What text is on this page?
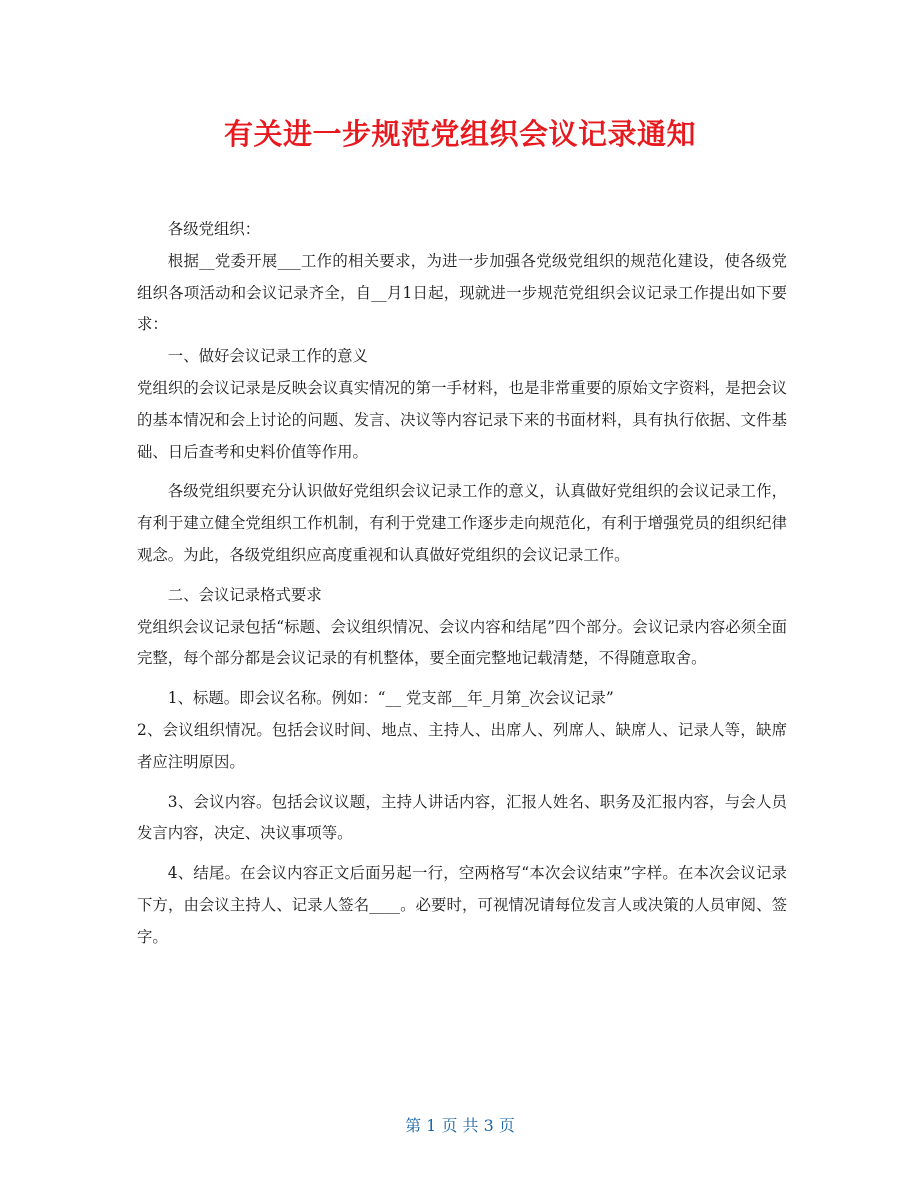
有关进一步规范党组织会议记录通知

各级党组织：

根据__党委开展___工作的相关要求，为进一步加强各党级党组织的规范化建设，使各级党组织各项活动和会议记录齐全，自__月1日起，现就进一步规范党组织会议记录工作提出如下要求：

一、做好会议记录工作的意义

党组织的会议记录是反映会议真实情况的第一手材料，也是非常重要的原始文字资料，是把会议的基本情况和会上讨论的问题、发言、决议等内容记录下来的书面材料，具有执行依据、文件基础、日后查考和史料价值等作用。

各级党组织要充分认识做好党组织会议记录工作的意义，认真做好党组织的会议记录工作，有利于建立健全党组织工作机制，有利于党建工作逐步走向规范化，有利于增强党员的组织纪律观念。为此，各级党组织应高度重视和认真做好党组织的会议记录工作。

二、会议记录格式要求

党组织会议记录包括“标题、会议组织情况、会议内容和结尾”四个部分。会议记录内容必须全面完整，每个部分都是会议记录的有机整体，要全面完整地记载清楚，不得随意取舍。

1、标题。即会议名称。例如：“__ 党支部__年_月第_次会议记录”

2、会议组织情况。包括会议时间、地点、主持人、出席人、列席人、缺席人、记录人等，缺席者应注明原因。

3、会议内容。包括会议议题，主持人讲话内容，汇报人姓名、职务及汇报内容，与会人员发言内容，决定、决议事项等。

4、结尾。在会议内容正文后面另起一行，空两格写“本次会议结束”字样。在本次会议记录下方，由会议主持人、记录人签名____。必要时，可视情况请每位发言人或决策的人员审阅、签字。

第 1 页 共 3 页
